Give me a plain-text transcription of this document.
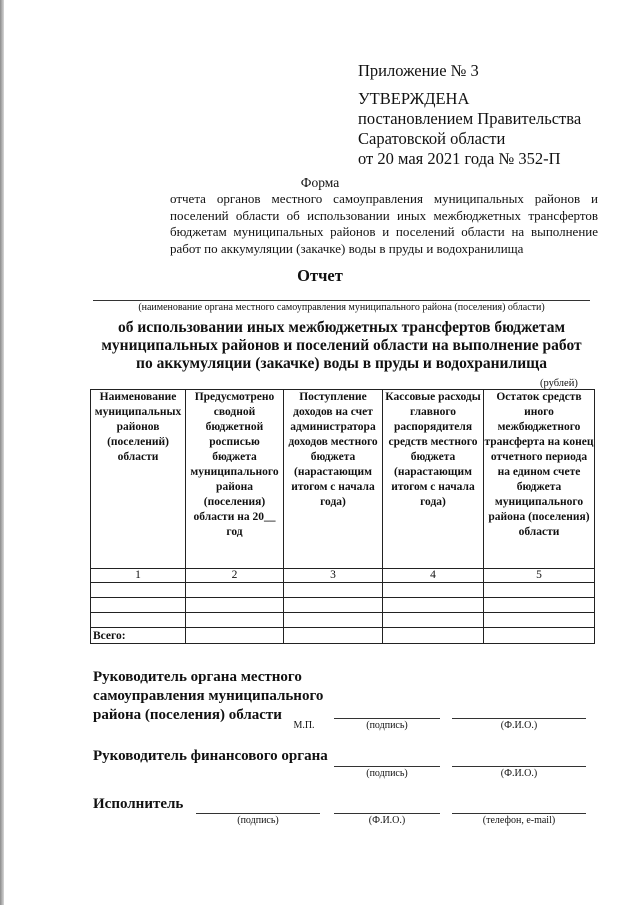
Приложение № 3
УТВЕРЖДЕНА
постановлением Правительства
Саратовской области
от 20 мая 2021 года № 352-П
Форма
отчета органов местного самоуправления муниципальных районов и поселений области об использовании иных межбюджетных трансфертов бюджетам муниципальных районов и поселений области на выполнение работ по аккумуляции (закачке) воды в пруды и водохранилища
Отчет
(наименование органа местного самоуправления муниципального района (поселения) области)
об использовании иных межбюджетных трансфертов бюджетам
муниципальных районов и поселений области на выполнение работ
по аккумуляции (закачке) воды в пруды и водохранилища
(рублей)
Наименование муниципальных районов (поселений) области	Предусмотрено сводной бюджетной росписью бюджета муниципального района (поселения) области на 20__ год	Поступление доходов на счет администратора доходов местного бюджета (нарастающим итогом с начала года)	Кассовые расходы главного распорядителя средств местного бюджета (нарастающим итогом с начала года)	Остаток средств иного межбюджетного трансферта на конец отчетного периода на едином счете бюджета муниципального района (поселения) области
1	2	3	4	5

Всего:				
Руководитель органа местного
самоуправления муниципального
района (поселения) области
М.П.	(подпись)	(Ф.И.О.)
Руководитель финансового органа
(подпись)	(Ф.И.О.)
Исполнитель
(подпись)	(Ф.И.О.)	(телефон, e-mail)
